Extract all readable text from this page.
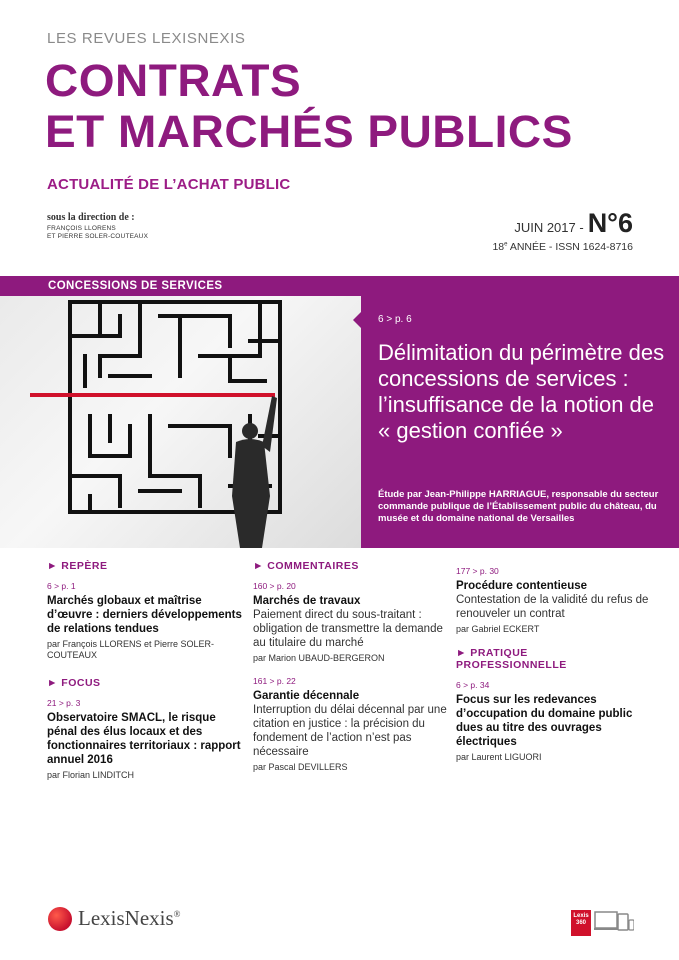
LES REVUES LEXISNEXIS
CONTRATS
ET MARCHÉS PUBLICS
ACTUALITÉ DE L’ACHAT PUBLIC
sous la direction de :
FRANÇOIS LLORENS
ET PIERRE SOLER-COUTEAUX
JUIN 2017 - N°6
18e ANNÉE - ISSN 1624-8716
CONCESSIONS DE SERVICES
6 > p. 6
Délimitation du périmètre des concessions de services : l’insuffisance de la notion de « gestion confiée »
Étude par Jean-Philippe HARRIAGUE, responsable du secteur commande publique de l’Établissement public du château, du musée et du domaine national de Versailles
► REPÈRE
6 > p. 1
Marchés globaux et maîtrise d’œuvre : derniers développements de relations tendues
par François LLORENS et Pierre SOLER-COUTEAUX
► FOCUS
21 > p. 3
Observatoire SMACL, le risque pénal des élus locaux et des fonctionnaires territoriaux : rapport annuel 2016
par Florian LINDITCH
► COMMENTAIRES
160 > p. 20
Marchés de travaux
Paiement direct du sous-traitant : obligation de transmettre la demande au titulaire du marché
par Marion UBAUD-BERGERON
161 > p. 22
Garantie décennale
Interruption du délai décennal par une citation en justice : la précision du fondement de l’action n’est pas nécessaire
par Pascal DEVILLERS
177 > p. 30
Procédure contentieuse
Contestation de la validité du refus de renouveler un contrat
par Gabriel ECKERT
► PRATIQUE PROFESSIONNELLE
6 > p. 34
Focus sur les redevances d’occupation du domaine public dues au titre des ouvrages électriques
par Laurent LIGUORI
LexisNexis®	Lexis 360
